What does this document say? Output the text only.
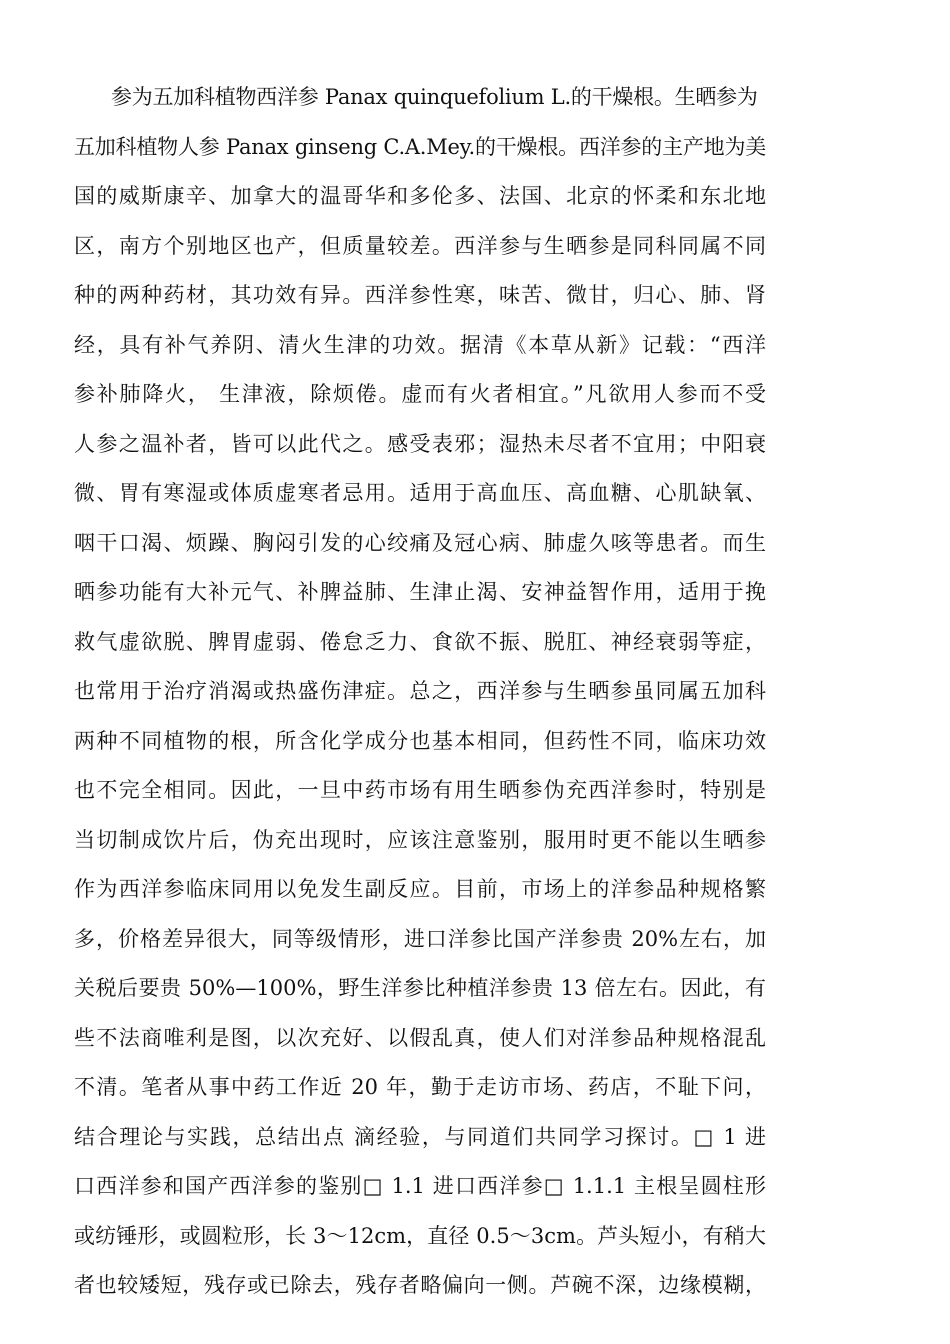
参为五加科植物西洋参 Panax quinquefolium L.的干燥根。生晒参为
五加科植物人参 Panax ginseng C.A.Mey.的干燥根。西洋参的主产地为美
国的威斯康辛、加拿大的温哥华和多伦多、法国、北京的怀柔和东北地
区，南方个别地区也产，但质量较差。西洋参与生晒参是同科同属不同
种的两种药材，其功效有异。西洋参性寒，味苦、微甘，归心、肺、肾
经，具有补气养阴、清火生津的功效。据清《本草从新》记载：“西洋
参补肺降火， 生津液，除烦倦。虚而有火者相宜。”凡欲用人参而不受
人参之温补者，皆可以此代之。感受表邪；湿热未尽者不宜用；中阳衰
微、胃有寒湿或体质虚寒者忌用。适用于高血压、高血糖、心肌缺氧、
咽干口渴、烦躁、胸闷引发的心绞痛及冠心病、肺虚久咳等患者。而生
晒参功能有大补元气、补脾益肺、生津止渴、安神益智作用，适用于挽
救气虚欲脱、脾胃虚弱、倦怠乏力、食欲不振、脱肛、神经衰弱等症，
也常用于治疗消渴或热盛伤津症。总之，西洋参与生晒参虽同属五加科
两种不同植物的根，所含化学成分也基本相同，但药性不同，临床功效
也不完全相同。因此，一旦中药市场有用生晒参伪充西洋参时，特别是
当切制成饮片后，伪充出现时，应该注意鉴别，服用时更不能以生晒参
作为西洋参临床同用以免发生副反应。目前，市场上的洋参品种规格繁
多，价格差异很大，同等级情形，进口洋参比国产洋参贵 20%左右，加
关税后要贵 50%—100%，野生洋参比种植洋参贵 13 倍左右。因此，有
些不法商唯利是图，以次充好、以假乱真，使人们对洋参品种规格混乱
不清。笔者从事中药工作近 20 年，勤于走访市场、药店，不耻下问，
结合理论与实践，总结出点 滴经验，与同道们共同学习探讨。□ 1 进
口西洋参和国产西洋参的鉴别□ 1.1 进口西洋参□ 1.1.1 主根呈圆柱形
或纺锤形，或圆粒形，长 3～12cm，直径 0.5～3cm。芦头短小，有稍大
者也较矮短，残存或已除去，残存者略偏向一侧。芦碗不深，边缘模糊，
